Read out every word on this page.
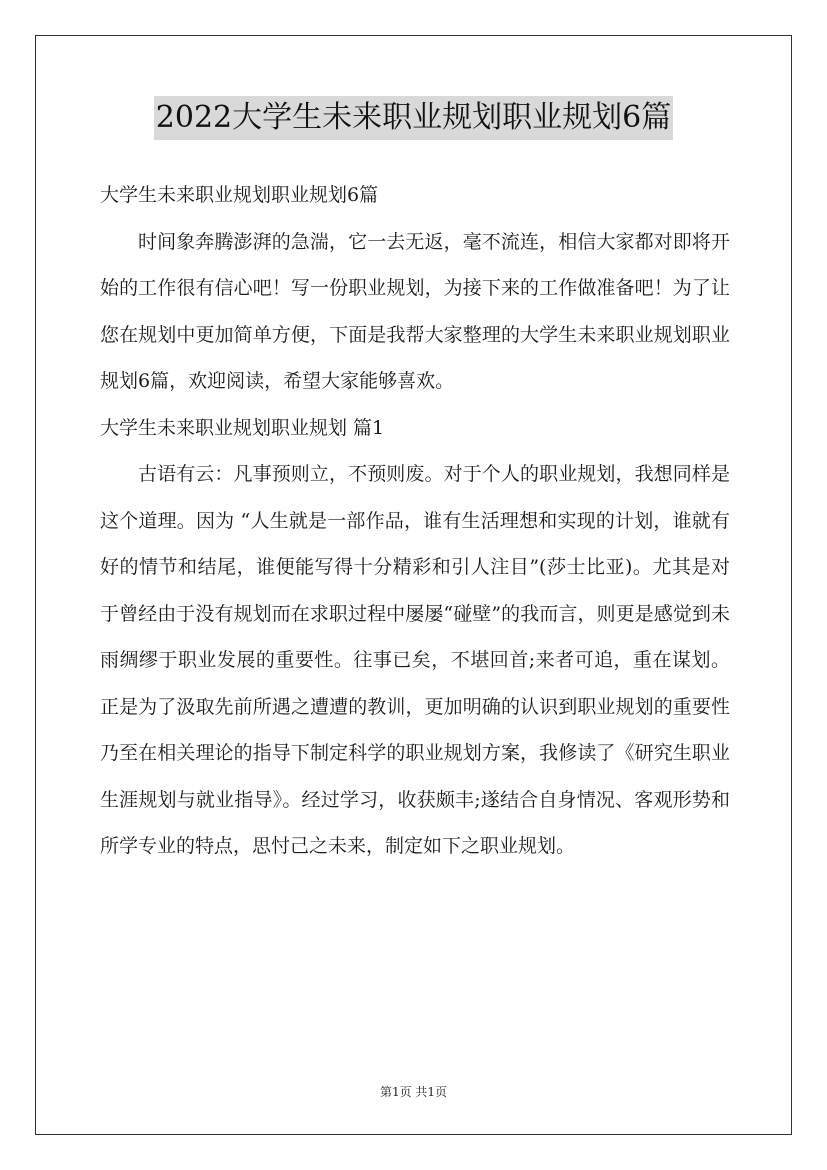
2022大学生未来职业规划职业规划6篇

大学生未来职业规划职业规划6篇

时间象奔腾澎湃的急湍，它一去无返，毫不流连，相信大家都对即将开始的工作很有信心吧！写一份职业规划，为接下来的工作做准备吧！为了让您在规划中更加简单方便，下面是我帮大家整理的大学生未来职业规划职业规划6篇，欢迎阅读，希望大家能够喜欢。

大学生未来职业规划职业规划 篇1

古语有云：凡事预则立，不预则废。对于个人的职业规划，我想同样是这个道理。因为 “人生就是一部作品，谁有生活理想和实现的计划，谁就有好的情节和结尾，谁便能写得十分精彩和引人注目”(莎士比亚)。尤其是对于曾经由于没有规划而在求职过程中屡屡“碰壁”的我而言，则更是感觉到未雨绸缪于职业发展的重要性。往事已矣，不堪回首;来者可追，重在谋划。正是为了汲取先前所遇之遭遭的教训，更加明确的认识到职业规划的重要性乃至在相关理论的指导下制定科学的职业规划方案，我修读了《研究生职业生涯规划与就业指导》。经过学习，收获颇丰;遂结合自身情况、客观形势和所学专业的特点，思忖己之未来，制定如下之职业规划。

第1页 共1页
